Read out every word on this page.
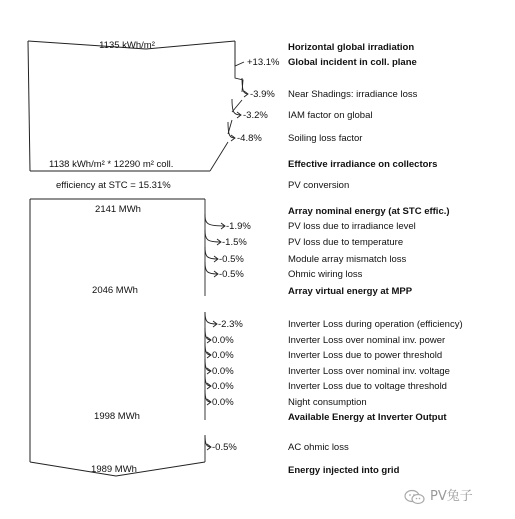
1135 kWh/m²	Horizontal global irradiation
+13.1% Global incident in coll. plane
-3.9% Near Shadings: irradiance loss
-3.2% IAM factor on global
-4.8%	Soiling loss factor
1138 kWh/m² * 12290 m² coll.	Effective irradiance on collectors
efficiency at STC = 15.31%	PV conversion
2141 MWh	Array nominal energy (at STC effic.)
-1.9%	PV loss due to irradiance level
-1.5%	PV loss due to temperature
-0.5%	Module array mismatch loss
-0.5%	Ohmic wiring loss
2046 MWh	Array virtual energy at MPP
-2.3%	Inverter Loss during operation (efficiency)
0.0%	Inverter Loss over nominal inv. power
0.0%	Inverter Loss due to power threshold
0.0%	Inverter Loss over nominal inv. voltage
0.0%	Inverter Loss due to voltage threshold
0.0%	Night consumption
1998 MWh	Available Energy at Inverter Output
-0.5%	AC ohmic loss
1989 MWh	Energy injected into grid
PV兔子
